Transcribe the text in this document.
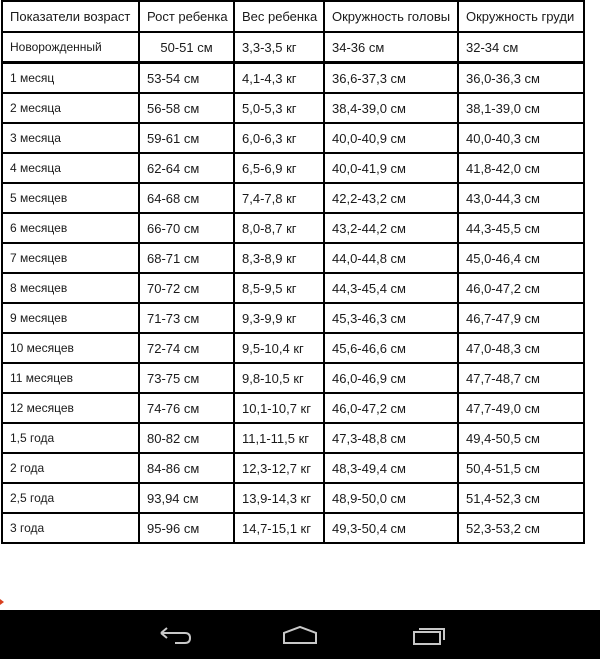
Показатели возраст	Рост ребенка	Вес ребенка	Окружность головы	Окружность груди
Новорожденный	50-51 см	3,3-3,5 кг	34-36 см	32-34 см
1 месяц	53-54 см	4,1-4,3 кг	36,6-37,3 см	36,0-36,3 см
2 месяца	56-58 см	5,0-5,3 кг	38,4-39,0 см	38,1-39,0 см
3 месяца	59-61 см	6,0-6,3 кг	40,0-40,9 см	40,0-40,3 см
4 месяца	62-64 см	6,5-6,9 кг	40,0-41,9 см	41,8-42,0 см
5 месяцев	64-68 см	7,4-7,8 кг	42,2-43,2 см	43,0-44,3 см
6 месяцев	66-70 см	8,0-8,7 кг	43,2-44,2 см	44,3-45,5 см
7 месяцев	68-71 см	8,3-8,9 кг	44,0-44,8 см	45,0-46,4 см
8 месяцев	70-72 см	8,5-9,5 кг	44,3-45,4 см	46,0-47,2 см
9 месяцев	71-73 см	9,3-9,9 кг	45,3-46,3 см	46,7-47,9 см
10 месяцев	72-74 см	9,5-10,4 кг	45,6-46,6 см	47,0-48,3 см
11 месяцев	73-75 см	9,8-10,5 кг	46,0-46,9 см	47,7-48,7 см
12 месяцев	74-76 см	10,1-10,7 кг	46,0-47,2 см	47,7-49,0 см
1,5 года	80-82 см	11,1-11,5 кг	47,3-48,8 см	49,4-50,5 см
2 года	84-86 см	12,3-12,7 кг	48,3-49,4 см	50,4-51,5 см
2,5 года	93,94 см	13,9-14,3 кг	48,9-50,0 см	51,4-52,3 см
3 года	95-96 см	14,7-15,1 кг	49,3-50,4 см	52,3-53,2 см
